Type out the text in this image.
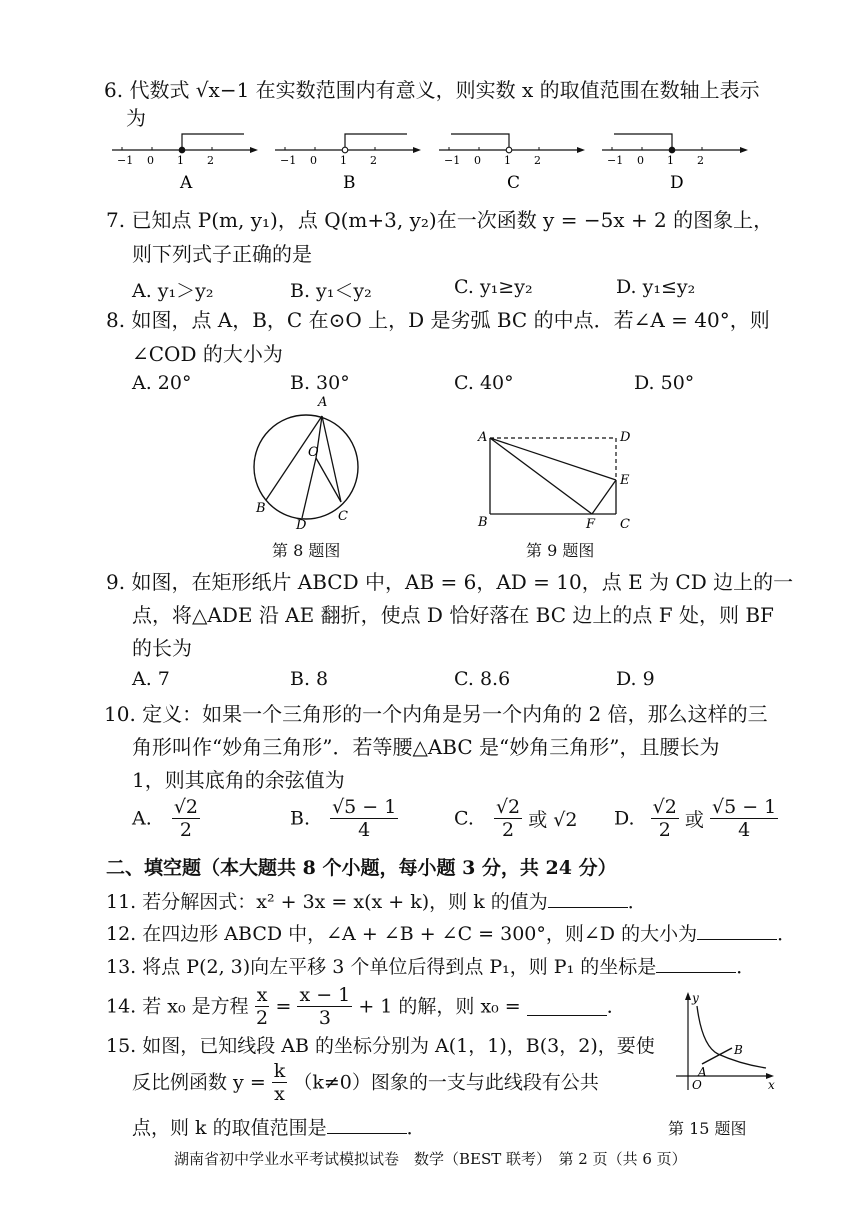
6. 代数式 √x−1 在实数范围内有意义，则实数 x 的取值范围在数轴上表示
为
−1 0 1 2
A
−1 0 1 2
B
−1 0 1 2
C
−1 0 1 2
D
7. 已知点 P(m, y₁)，点 Q(m+3, y₂)在一次函数 y = −5x + 2 的图象上，
则下列式子正确的是
A. y₁＞y₂	B. y₁＜y₂	C. y₁≥y₂	D. y₁≤y₂
8. 如图，点 A，B，C 在⊙O 上，D 是劣弧 BC 的中点．若∠A = 40°，则
∠COD 的大小为
A. 20°	B. 30°	C. 40°	D. 50°
A
O
B
D
C
第 8 题图
A	D
E
B	F C
第 9 题图
9. 如图，在矩形纸片 ABCD 中，AB = 6，AD = 10，点 E 为 CD 边上的一
点，将△ADE 沿 AE 翻折，使点 D 恰好落在 BC 边上的点 F 处，则 BF
的长为
A. 7	B. 8	C. 8.6	D. 9
10. 定义：如果一个三角形的一个内角是另一个内角的 2 倍，那么这样的三
角形叫作“妙角三角形”．若等腰△ABC 是“妙角三角形”，且腰长为
1，则其底角的余弦值为
A. $\frac{√2}{2}$	B. $\frac{√5 - 1}{4}$	C. $\frac{√2}{2}$ 或 √2 D. $\frac{√2}{2}$ 或 $\frac{√5 - 1}{4}$
二、填空题（本大题共 8 个小题，每小题 3 分，共 24 分）
11. 若分解因式：x² + 3x = x(x + k)，则 k 的值为	．
12. 在四边形 ABCD 中，∠A + ∠B + ∠C = 300°，则∠D 的大小为	．
13. 将点 P(2, 3)向左平移 3 个单位后得到点 P₁，则 P₁ 的坐标是	．
14. 若 x₀ 是方程 $\frac{x}{2} = \frac{x - 1}{3} + 1$ 的解，则 x₀ =	．
15. 如图，已知线段 AB 的坐标分别为 A(1，1)，B(3，2)，要使
反比例函数 $y = \frac{k}{x} (k\ne 0)$图象的一支与此线段有公共
点，则 k 的取值范围是	．
y
B
A
O	x
第 15 题图
湖南省初中学业水平考试模拟试卷　数学（BEST 联考）　第 2 页（共 6 页）
